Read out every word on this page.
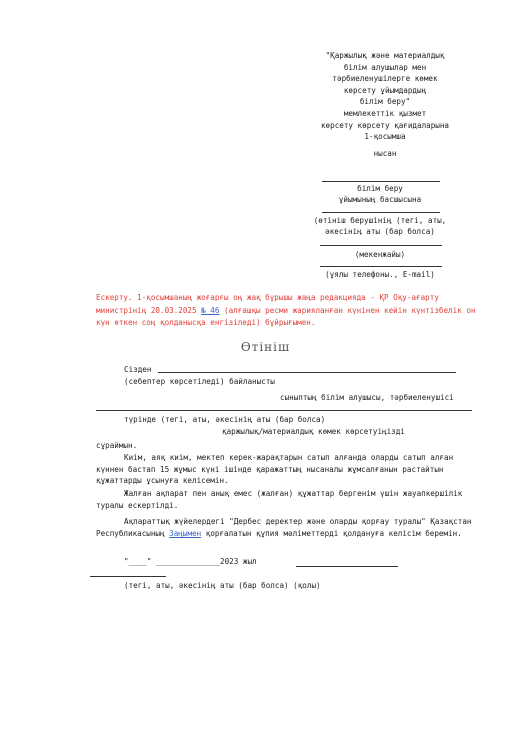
"Қаржылық және материалдық
білім алушылар мен
тәрбиеленушілерге көмек
көрсету ұйымдардың
білім беру"
мемлекеттік қызмет
көрсету көрсету қағидаларына
1-қосымша
нысан
білім беру
ұйымының басшысына
(өтініш берушінің (тегі, аты,
әкесінің аты (бар болса)
(мекенжайы)
(ұялы телефоны., E-mail)
Ескерту. 1-қосымшаның жоғарғы оң жақ бұрышы жаңа редакцияда - ҚР Оқу-ағарту министрінің 20.03.2025 № 46 (алғашқы ресми жарияланған күнінен кейін күнтізбелік он күн өткен соң қолданысқа енгізіледі) бұйрығымен.
Өтініш
Сізден
(себептер көрсетіледі) байланысты
сыныптың білім алушысы, тәрбиеленушісі
түрінде (тегі, аты, әкесінің аты (бар болса)
қаржылық/материалдық көмек көрсетуіңізді
сұраймын.
Киім, аяқ киім, мектеп керек-жарақтарын сатып алғанда оларды сатып алған күннен бастап 15 жұмыс күні ішінде қаражаттың нысаналы жұмсалғанын растайтын құжаттарды ұсынуға келісемін.
Жалған ақпарат пен анық емес (жалған) құжаттар бергенім үшін жауапкершілік туралы ескертілді.
Ақпараттық жүйелердегі "Дербес деректер және оларды қорғау туралы" Қазақстан Республикасының Заңымен қорғалатын құпия мәліметтерді қолдануға келісім беремін.
"____" ______________2023 жыл
(тегі, аты, әкесінің аты (бар болса) (қолы)
